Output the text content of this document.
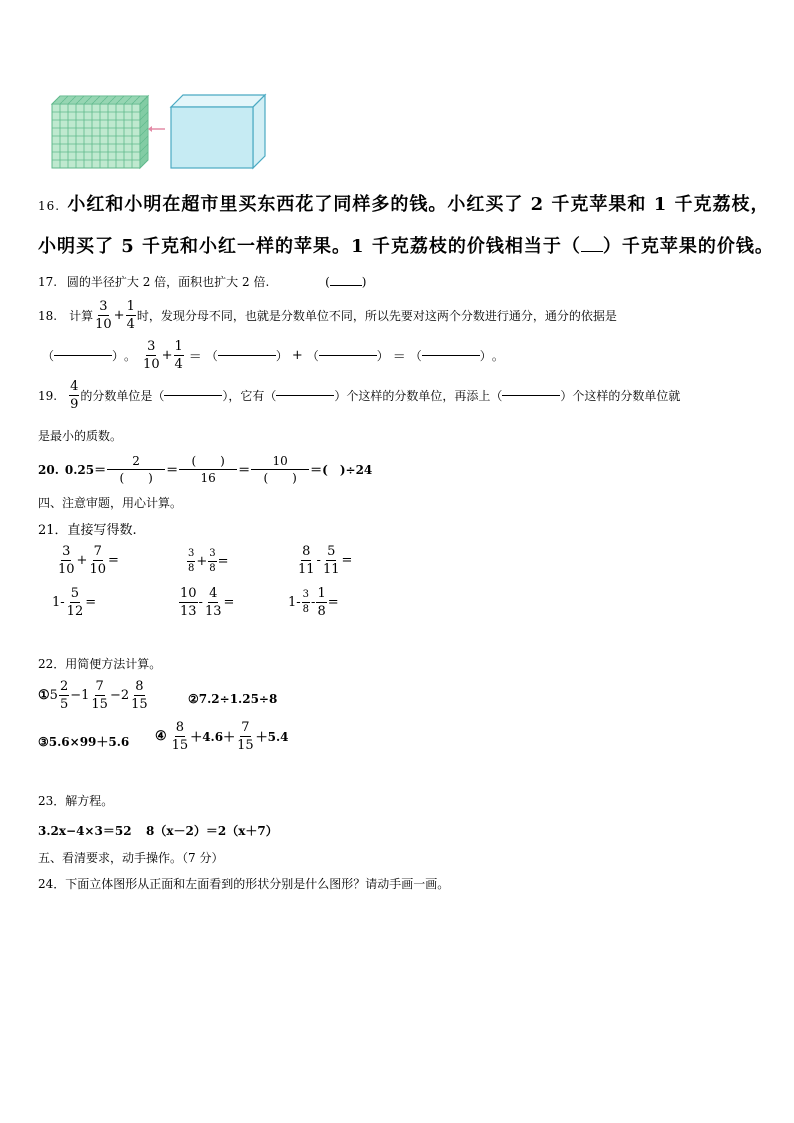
16. 小红和小明在超市里买东西花了同样多的钱。小红买了 2 千克苹果和 1 千克荔枝，
小明买了 5 千克和小红一样的苹果。1 千克荔枝的价钱相当于（ ）千克苹果的价钱。
17. 圆的半径扩大 2 倍，面积也扩大 2 倍.	(	)
18. 计算 $\frac{3}{10} + \frac{1}{4}$ 时，发现分母不同，也就是分数单位不同，所以先要对这两个分数进行通分，通分的依据是
（	） 。 $\frac{3}{10} + \frac{1}{4}$ ＝ （	） + （	） ＝ （	） 。
19. $\frac{4}{9}$ 的分数单位是（	），它有（	）个这样的分数单位，再添上（	）个这样的分数单位就
是最小的质数。
20. $0.25= \frac{2}{( )} = \frac{( )}{16} = \frac{10}{( )}$ ＝(　)÷24
四、注意审题，用心计算。
21．直接写得数.
$\frac{3}{10} + \frac{7}{10}$ =	$\frac{3}{8} + \frac{3}{8}$ =	$\frac{8}{11} - \frac{5}{11}$ =
$1- \frac{5}{12}$ =	$\frac{10}{13} - \frac{4}{13}$ =	$1- \frac{3}{8} - \frac{1}{8}$ =
22．用简便方法计算。
① $5 \frac{2}{5} - 1 \frac{7}{15} - 2 \frac{8}{15}$	②7.2÷1.25÷8
③5.6×99＋5.6 ④ $\frac{8}{15} +4.6+ \frac{7}{15} +5.4$
23．解方程。
3.2x−4×3＝52 8（x－2）＝2（x＋7）
五、看清要求，动手操作。（7 分）
24．下面立体图形从正面和左面看到的形状分别是什么图形？请动手画一画。
